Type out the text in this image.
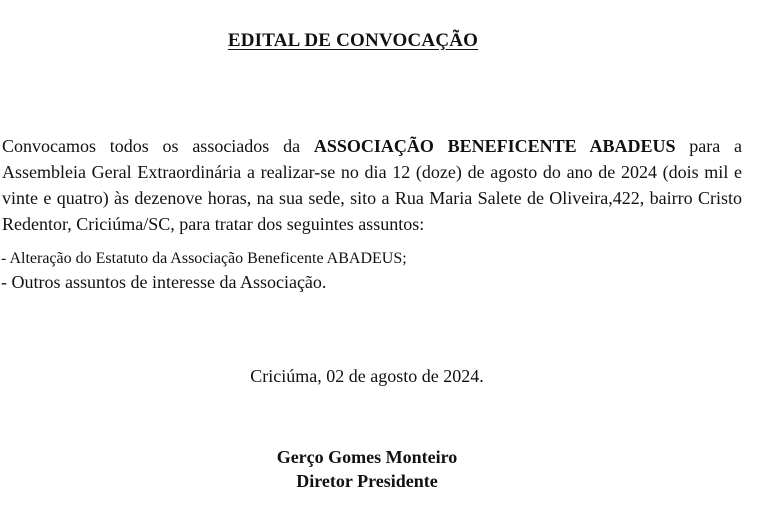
EDITAL DE CONVOCAÇÃO

Convocamos todos os associados da ASSOCIAÇÃO BENEFICENTE ABADEUS para a Assembleia Geral Extraordinária a realizar-se no dia 12 (doze) de agosto do ano de 2024 (dois mil e vinte e quatro) às dezenove horas, na sua sede, sito a Rua Maria Salete de Oliveira,422, bairro Cristo Redentor, Criciúma/SC, para tratar dos seguintes assuntos:

- Alteração do Estatuto da Associação Beneficente ABADEUS;
- Outros assuntos de interesse da Associação.

Criciúma, 02 de agosto de 2024.

Gerço Gomes Monteiro
Diretor Presidente
